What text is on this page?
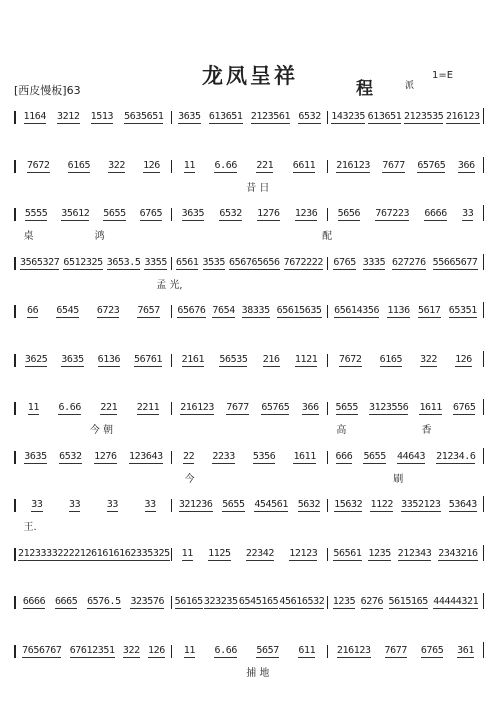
龙凤呈祥
[西皮慢板]63	程	派
1=E
1164 3212 1513 5635651 3635 613651 2123561 6532 143235 613651 2123535 216123
7672 6165 322 126 11 6.66 221 6611 216123 7677 65765 366
昔 日
5555 35612 5655 6765 3635 6532 1276 1236 5656 767223 6666 33
桌	鸿	配
3565327 6512325 3653.5 3355 6561 3535 656765656 7672222 6765 3335 627276 55665677
孟 光,
66 6545 6723 7657 65676 7654 38335 65615635 65614356 1136 5617 65351
3625 3635 6136 56761 2161 56535 216 1121 7672 6165 322 126
11 6.66 221 2211 216123 7677 65765 366 5655 3123556 1611 6765
今 朝	高	香
3635 6532 1276 123643 22 2233 5356 1611 666 5655 44643 21234.6
今	刷
33	33	33	33 321236 5655 454561 5632 15632 1122 3352123 53643
王.
2123333 222212 6161616 2335325 11 1125 22342 12123 56561 1235 212343 2343216
6666 6665 6576.5 323576 56165 323235 6545165 45616532 1235 6276 5615165 44444321
7656767 67612351 322 126 11 6.66 5657 611 216123 7677 6765 361
捕 地
